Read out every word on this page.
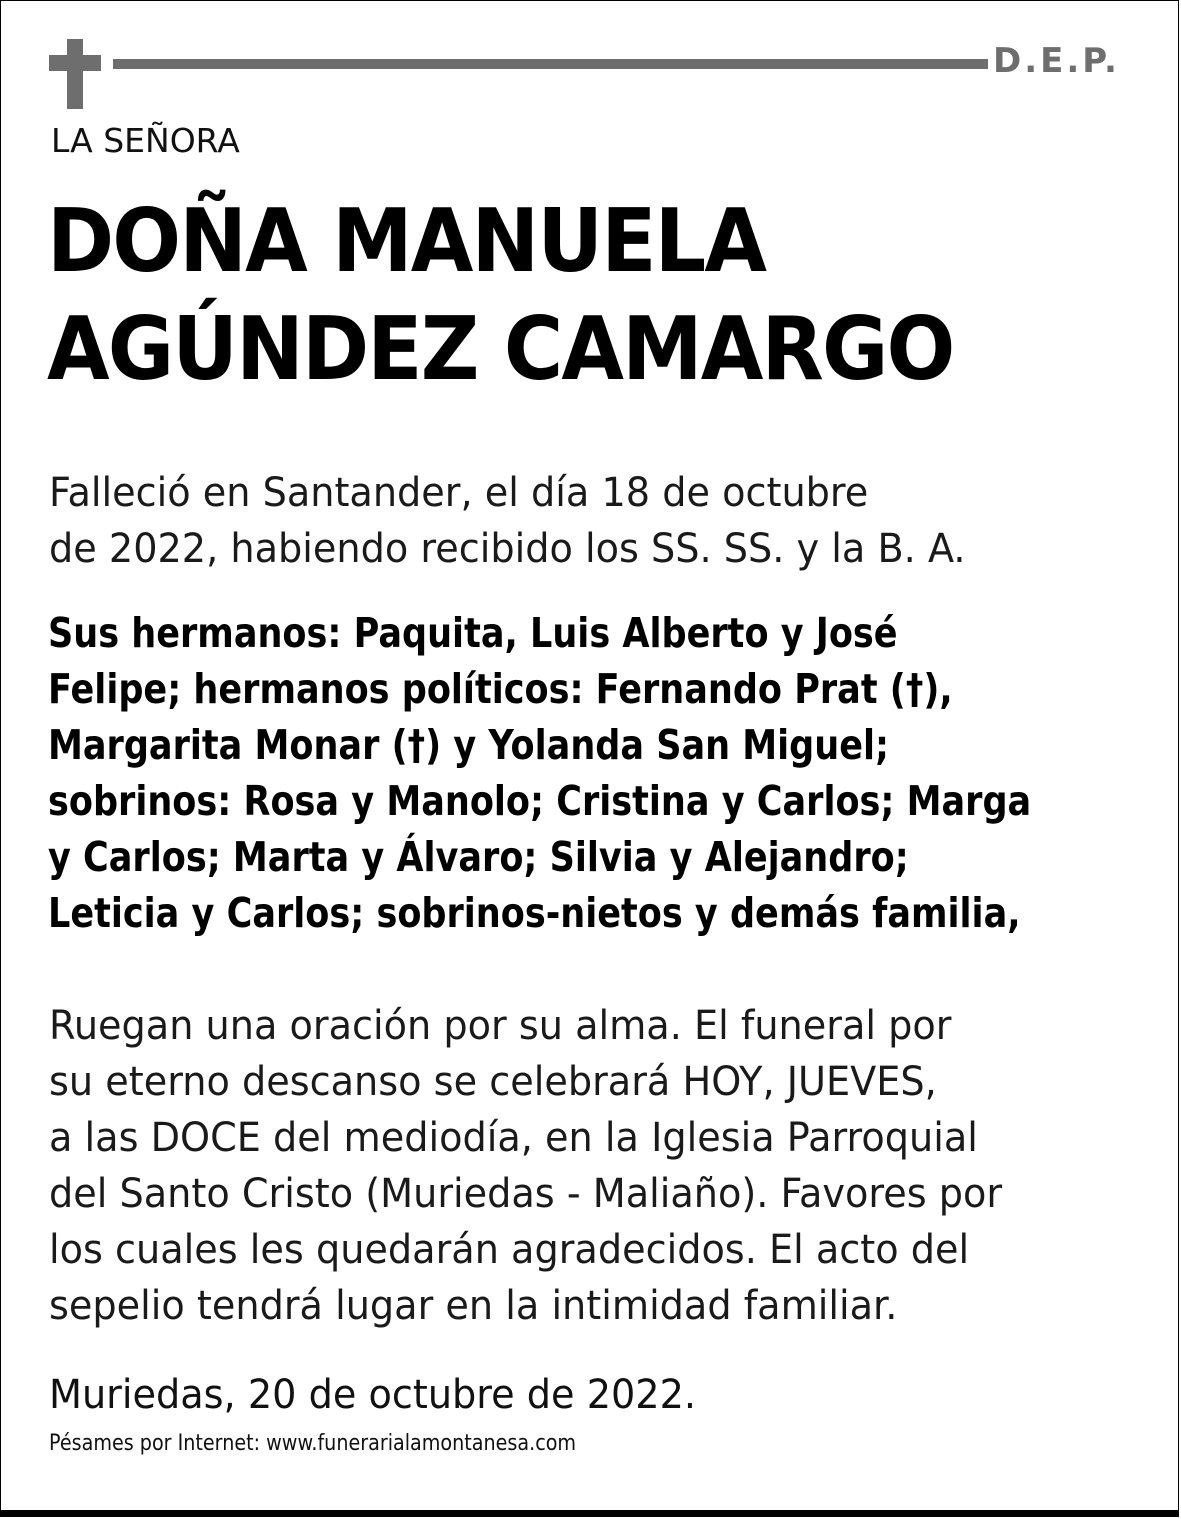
D.E.P.
LA SEÑORA
DOÑA MANUELA
AGÚNDEZ CAMARGO
Falleció en Santander, el día 18 de octubre
de 2022, habiendo recibido los SS. SS. y la B. A.
Sus hermanos: Paquita, Luis Alberto y José
Felipe; hermanos políticos: Fernando Prat (†),
Margarita Monar (†) y Yolanda San Miguel;
sobrinos: Rosa y Manolo; Cristina y Carlos; Marga
y Carlos; Marta y Álvaro; Silvia y Alejandro;
Leticia y Carlos; sobrinos-nietos y demás familia,
Ruegan una oración por su alma. El funeral por
su eterno descanso se celebrará HOY, JUEVES,
a las DOCE del mediodía, en la Iglesia Parroquial
del Santo Cristo (Muriedas - Maliaño). Favores por
los cuales les quedarán agradecidos. El acto del
sepelio tendrá lugar en la intimidad familiar.
Muriedas, 20 de octubre de 2022.
Pésames por Internet: www.funerarialamontanesa.com
